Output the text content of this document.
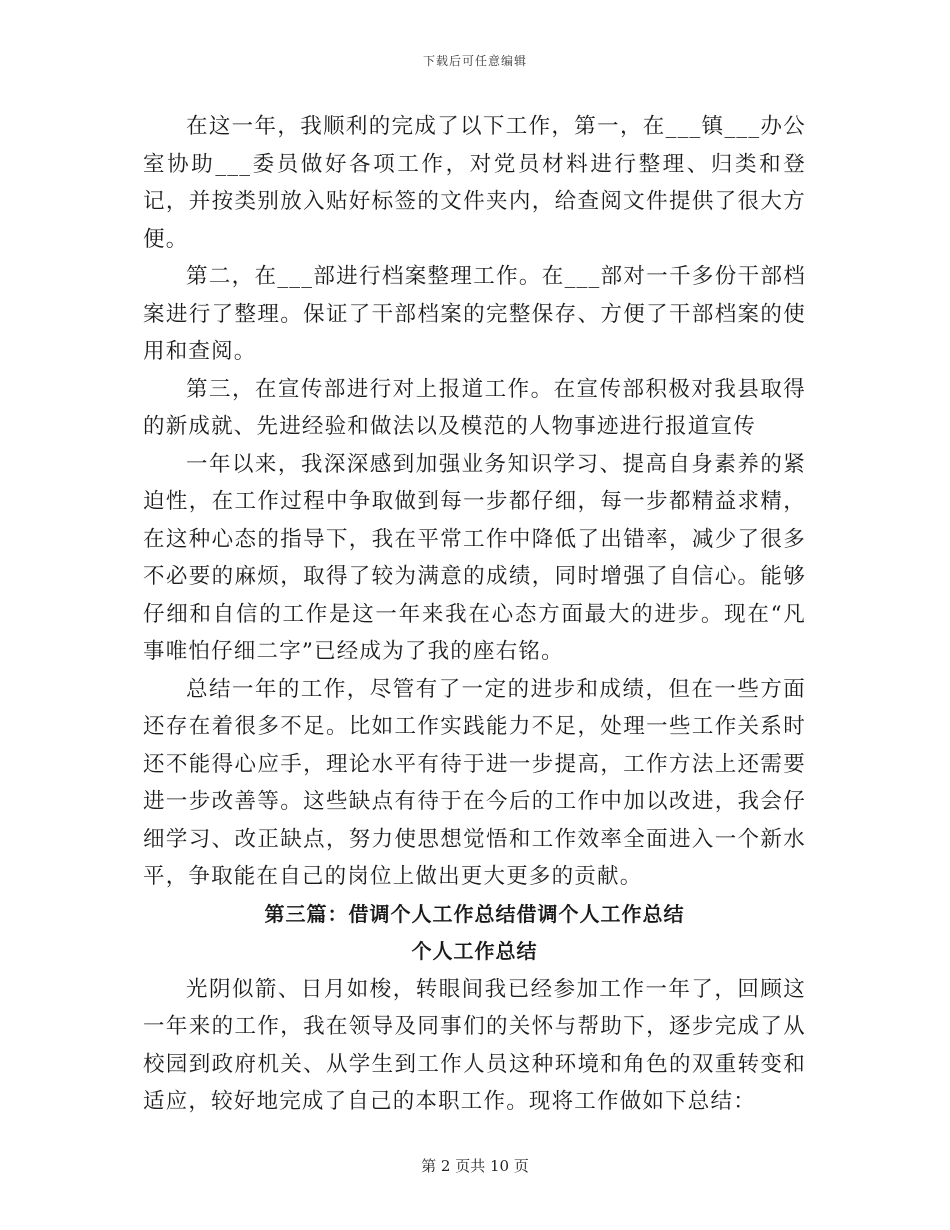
下载后可任意编辑

在这一年，我顺利的完成了以下工作，第一，在___镇___办公室协助___委员做好各项工作，对党员材料进行整理、归类和登记，并按类别放入贴好标签的文件夹内，给查阅文件提供了很大方便。

第二，在___部进行档案整理工作。在___部对一千多份干部档案进行了整理。保证了干部档案的完整保存、方便了干部档案的使用和查阅。

第三，在宣传部进行对上报道工作。在宣传部积极对我县取得的新成就、先进经验和做法以及模范的人物事迹进行报道宣传

一年以来，我深深感到加强业务知识学习、提高自身素养的紧迫性，在工作过程中争取做到每一步都仔细，每一步都精益求精，在这种心态的指导下，我在平常工作中降低了出错率，减少了很多不必要的麻烦，取得了较为满意的成绩，同时增强了自信心。能够仔细和自信的工作是这一年来我在心态方面最大的进步。现在“凡事唯怕仔细二字”已经成为了我的座右铭。

总结一年的工作，尽管有了一定的进步和成绩，但在一些方面还存在着很多不足。比如工作实践能力不足，处理一些工作关系时还不能得心应手，理论水平有待于进一步提高，工作方法上还需要进一步改善等。这些缺点有待于在今后的工作中加以改进，我会仔细学习、改正缺点，努力使思想觉悟和工作效率全面进入一个新水平，争取能在自己的岗位上做出更大更多的贡献。

第三篇：借调个人工作总结借调个人工作总结

个人工作总结

光阴似箭、日月如梭，转眼间我已经参加工作一年了，回顾这一年来的工作，我在领导及同事们的关怀与帮助下，逐步完成了从校园到政府机关、从学生到工作人员这种环境和角色的双重转变和适应，较好地完成了自己的本职工作。现将工作做如下总结：

第 2 页共 10 页
